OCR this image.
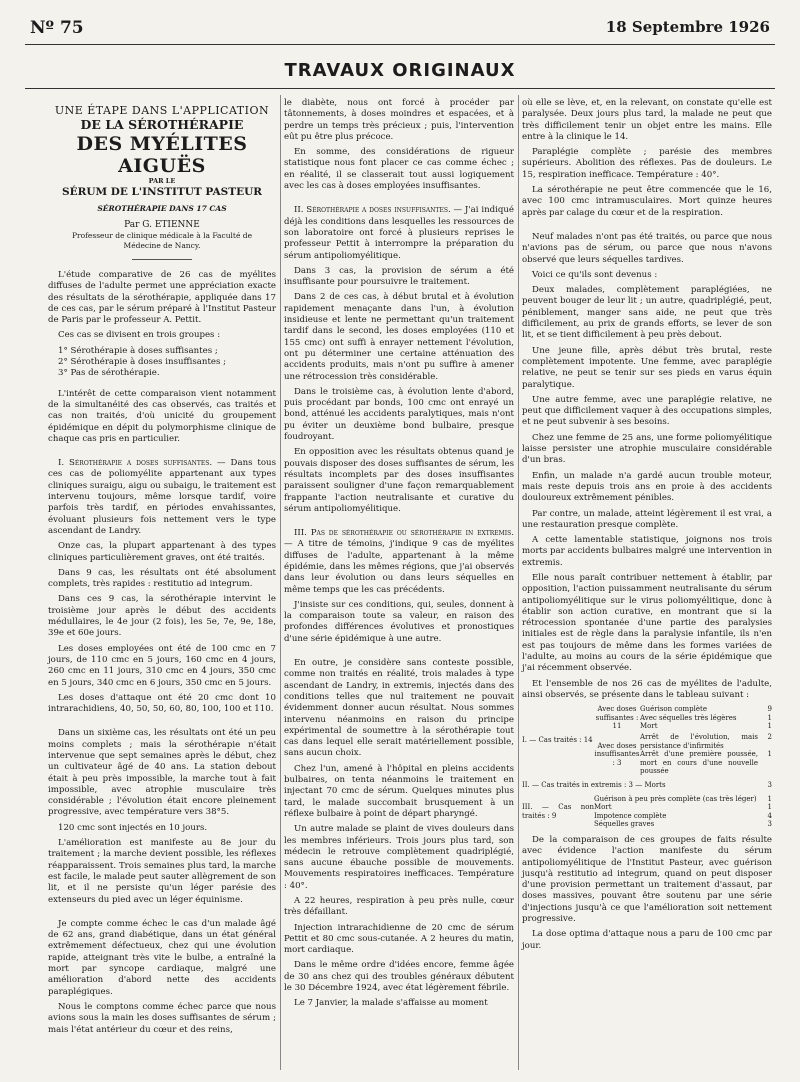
Nº 75	18 Septembre 1926
TRAVAUX ORIGINAUX
UNE ÉTAPE DANS L'APPLICATION
DE LA SÉROTHÉRAPIE
DES MYÉLITES AIGUËS
PAR LE
SÉRUM DE L'INSTITUT PASTEUR
SÉROTHÉRAPIE DANS 17 CAS
Par G. ETIENNE
Professeur de clinique médicale à la Faculté de Médecine de Nancy.

L'étude comparative de 26 cas de myélites diffuses de l'adulte permet une appréciation exacte des résultats de la sérothérapie, appliquée dans 17 de ces cas, par le sérum préparé à l'Institut Pasteur de Paris par le professeur A. Pettit.

Ces cas se divisent en trois groupes :

1° Sérothérapie à doses suffisantes ;

2° Sérothérapie à doses insuffisantes ;

3° Pas de sérothérapie.

L'intérêt de cette comparaison vient notamment de la simultanéité des cas observés, cas traités et cas non traités, d'où unicité du groupement épidémique en dépit du polymorphisme clinique de chaque cas pris en particulier.

I. Sérothérapie a doses suffisantes. — Dans tous ces cas de poliomyélite appartenant aux types cliniques suraigu, aigu ou subaigu, le traitement est intervenu toujours, même lorsque tardif, voire parfois très tardif, en périodes envahissantes, évoluant plusieurs fois nettement vers le type ascendant de Landry.

Onze cas, la plupart appartenant à des types cliniques particulièrement graves, ont été traités.

Dans 9 cas, les résultats ont été absolument complets, très rapides : restitutio ad integrum.

Dans ces 9 cas, la sérothérapie intervint le troisième jour après le début des accidents médullaires, le 4e jour (2 fois), les 5e, 7e, 9e, 18e, 39e et 60e jours.

Les doses employées ont été de 100 cmc en 7 jours, de 110 cmc en 5 jours, 160 cmc en 4 jours, 260 cmc en 11 jours, 310 cmc en 4 jours, 350 cmc en 5 jours, 340 cmc en 6 jours, 350 cmc en 5 jours.

Les doses d'attaque ont été 20 cmc dont 10 intrarachidiens, 40, 50, 50, 60, 80, 100, 100 et 110.

Dans un sixième cas, les résultats ont été un peu moins complets ; mais la sérothérapie n'était intervenue que sept semaines après le début, chez un cultivateur âgé de 40 ans. La station debout était à peu près impossible, la marche tout à fait impossible, avec atrophie musculaire très considérable ; l'évolution était encore pleinement progressive, avec température vers 38°5.

120 cmc sont injectés en 10 jours.

L'amélioration est manifeste au 8e jour du traitement ; la marche devient possible, les réflexes réapparaissent. Trois semaines plus tard, la marche est facile, le malade peut sauter allègrement de son lit, et il ne persiste qu'un léger parésie des extenseurs du pied avec un léger équinisme.

Je compte comme échec le cas d'un malade âgé de 62 ans, grand diabétique, dans un état général extrêmement défectueux, chez qui une évolution rapide, atteignant très vite le bulbe, a entraîné la mort par syncope cardiaque, malgré une amélioration d'abord nette des accidents paraplégiques.

Nous le comptons comme échec parce que nous avions sous la main les doses suffisantes de sérum ; mais l'état antérieur du cœur et des reins,

le diabète, nous ont forcé à procéder par tâtonnements, à doses moindres et espacées, et à perdre un temps très précieux ; puis, l'intervention eût pu être plus précoce.

En somme, des considérations de rigueur statistique nous font placer ce cas comme échec ; en réalité, il se classerait tout aussi logiquement avec les cas à doses employées insuffisantes.

II. Sérothérapie a doses insuffisantes. — J'ai indiqué déjà les conditions dans lesquelles les ressources de son laboratoire ont forcé à plusieurs reprises le professeur Pettit à interrompre la préparation du sérum antipoliomyélitique.

Dans 3 cas, la provision de sérum a été insuffisante pour poursuivre le traitement.

Dans 2 de ces cas, à début brutal et à évolution rapidement menaçante dans l'un, à évolution insidieuse et lente ne permettant qu'un traitement tardif dans le second, les doses employées (110 et 155 cmc) ont suffi à enrayer nettement l'évolution, ont pu déterminer une certaine atténuation des accidents produits, mais n'ont pu suffire à amener une rétrocession très considérable.

Dans le troisième cas, à évolution lente d'abord, puis procédant par bonds, 100 cmc ont enrayé un bond, atténué les accidents paralytiques, mais n'ont pu éviter un deuxième bond bulbaire, presque foudroyant.

En opposition avec les résultats obtenus quand je pouvais disposer des doses suffisantes de sérum, les résultats incomplets par des doses insuffisantes paraissent souligner d'une façon remarquablement frappante l'action neutralisante et curative du sérum antipoliomyélitique.

III. Pas de sérothérapie ou sérothérapie in extremis. — A titre de témoins, j'indique 9 cas de myélites diffuses de l'adulte, appartenant à la même épidémie, dans les mêmes régions, que j'ai observés dans leur évolution ou dans leurs séquelles en même temps que les cas précédents.

J'insiste sur ces conditions, qui, seules, donnent à la comparaison toute sa valeur, en raison des profondes différences évolutives et pronostiques d'une série épidémique à une autre.

En outre, je considère sans conteste possible, comme non traités en réalité, trois malades à type ascendant de Landry, in extremis, injectés dans des conditions telles que nul traitement ne pouvait évidemment donner aucun résultat. Nous sommes intervenu néanmoins en raison du principe expérimental de soumettre à la sérothérapie tout cas dans lequel elle serait matériellement possible, sans aucun choix.

Chez l'un, amené à l'hôpital en pleins accidents bulbaires, on tenta néanmoins le traitement en injectant 70 cmc de sérum. Quelques minutes plus tard, le malade succombait brusquement à un réflexe bulbaire à point de départ pharyngé.

Un autre malade se plaint de vives douleurs dans les membres inférieurs. Trois jours plus tard, son médecin le retrouve complètement quadriplégié, sans aucune ébauche possible de mouvements. Mouvements respiratoires inefficaces. Température : 40°.

A 22 heures, respiration à peu près nulle, cœur très défaillant.

Injection intrarachidienne de 20 cmc de sérum Pettit et 80 cmc sous-cutanée. A 2 heures du matin, mort cardiaque.

Dans le même ordre d'idées encore, femme âgée de 30 ans chez qui des troubles généraux débutent le 30 Décembre 1924, avec état légèrement fébrile.

Le 7 Janvier, la malade s'affaisse au moment

où elle se lève, et, en la relevant, on constate qu'elle est paralysée. Deux jours plus tard, la malade ne peut que très difficilement tenir un objet entre les mains. Elle entre à la clinique le 14.

Paraplégie complète ; parésie des membres supérieurs. Abolition des réflexes. Pas de douleurs. Le 15, respiration inefficace. Température : 40°.

La sérothérapie ne peut être commencée que le 16, avec 100 cmc intramusculaires. Mort quinze heures après par calage du cœur et de la respiration.

Neuf malades n'ont pas été traités, ou parce que nous n'avions pas de sérum, ou parce que nous n'avons observé que leurs séquelles tardives.

Voici ce qu'ils sont devenus :

Deux malades, complètement paraplégiées, ne peuvent bouger de leur lit ; un autre, quadriplégié, peut, péniblement, manger sans aide, ne peut que très difficilement, au prix de grands efforts, se lever de son lit, et se tient difficilement à peu près debout.

Une jeune fille, après début très brutal, reste complètement impotente. Une femme, avec paraplégie relative, ne peut se tenir sur ses pieds en varus équin paralytique.

Une autre femme, avec une paraplégie relative, ne peut que difficilement vaquer à des occupations simples, et ne peut subvenir à ses besoins.

Chez une femme de 25 ans, une forme poliomyélitique laisse persister une atrophie musculaire considérable d'un bras.

Enfin, un malade n'a gardé aucun trouble moteur, mais reste depuis trois ans en proie à des accidents douloureux extrêmement pénibles.

Par contre, un malade, atteint légèrement il est vrai, a une restauration presque complète.

A cette lamentable statistique, joignons nos trois morts par accidents bulbaires malgré une intervention in extremis.

Elle nous paraît contribuer nettement à établir, par opposition, l'action puissamment neutralisante du sérum antipoliomyélitique sur le virus poliomyélitique, donc à établir son action curative, en montrant que si la rétrocession spontanée d'une partie des paralysies initiales est de règle dans la paralysie infantile, ils n'en est pas toujours de même dans les formes variées de l'adulte, au moins au cours de la série épidémique que j'ai récemment observée.

Et l'ensemble de nos 26 cas de myélites de l'adulte, ainsi observés, se présente dans le tableau suivant :

I. — Cas traités : 14
Avec doses suffisantes : 11
Guérison complète	9
Avec séquelles très légères	1
Mort	1
Avec doses insuffisantes : 3
Arrêt de l'évolution, mais persistance d'infirmités
2
Arrêt d'une première poussée, mort en cours d'une nouvelle poussée
1
II. — Cas traités in extremis : 3 — Morts	3
III. — Cas non traités : 9
Guérison à peu près complète (cas très léger)	1
Mort	1
Impotence complète	4
Séquelles graves	3

De la comparaison de ces groupes de faits résulte avec évidence l'action manifeste du sérum antipoliomyélitique de l'Institut Pasteur, avec guérison jusqu'à restitutio ad integrum, quand on peut disposer d'une provision permettant un traitement d'assaut, par doses massives, pouvant être soutenu par une série d'injections jusqu'à ce que l'amélioration soit nettement progressive.

La dose optima d'attaque nous a paru de 100 cmc par jour.
